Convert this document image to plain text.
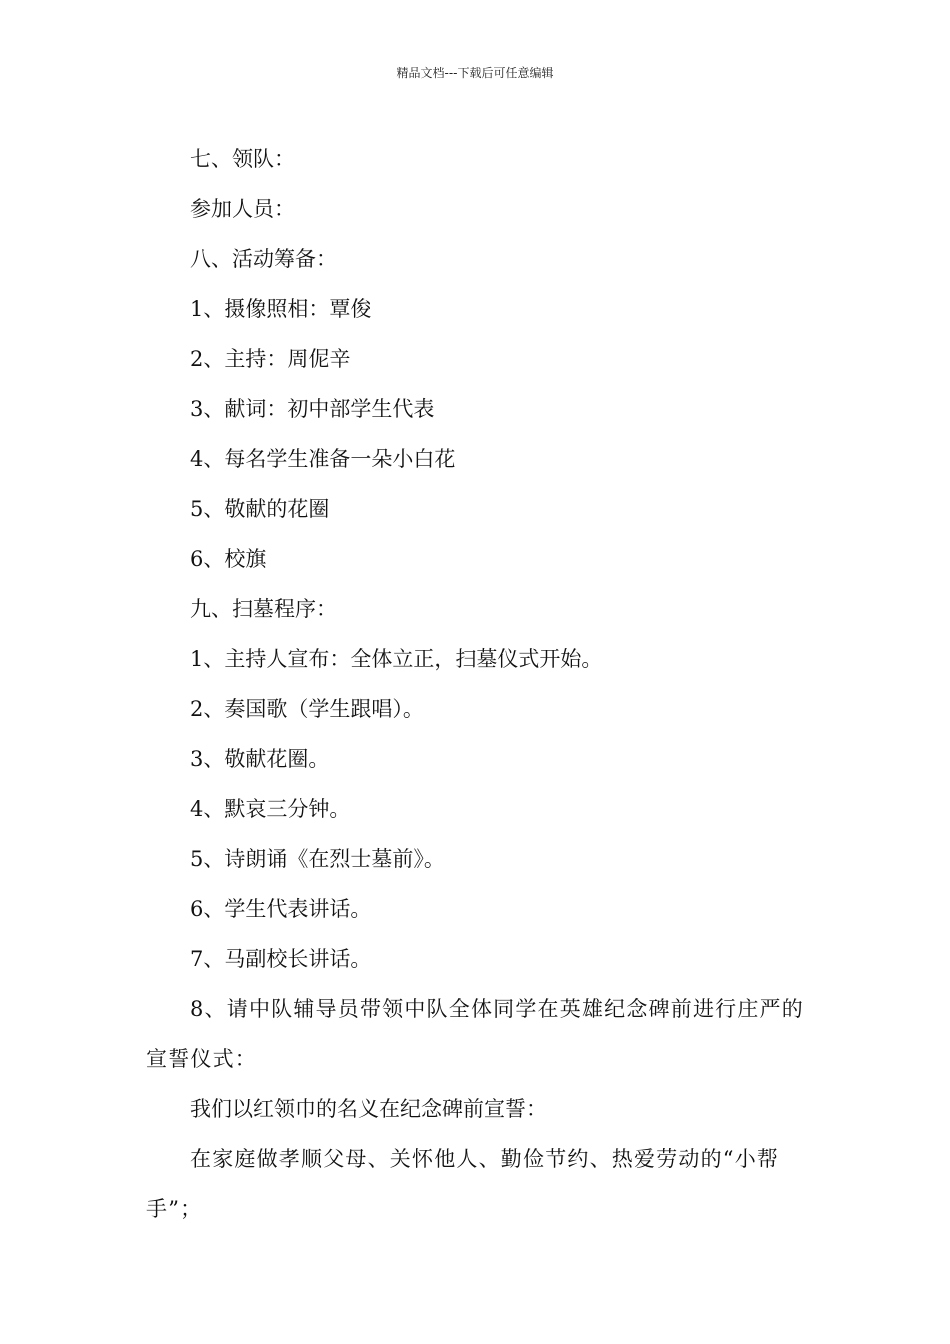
精品文档---下载后可任意编辑

七、领队：

参加人员：

八、活动筹备：

1、摄像照相：覃俊

2、主持：周伲辛

3、献词：初中部学生代表

4、每名学生准备一朵小白花

5、敬献的花圈

6、校旗

九、扫墓程序：

1、主持人宣布：全体立正，扫墓仪式开始。

2、奏国歌（学生跟唱）。

3、敬献花圈。

4、默哀三分钟。

5、诗朗诵《在烈士墓前》。

6、学生代表讲话。

7、马副校长讲话。

8、请中队辅导员带领中队全体同学在英雄纪念碑前进行庄严的宣誓仪式：

我们以红领巾的名义在纪念碑前宣誓：

在家庭做孝顺父母、关怀他人、勤俭节约、热爱劳动的“小帮手”；
